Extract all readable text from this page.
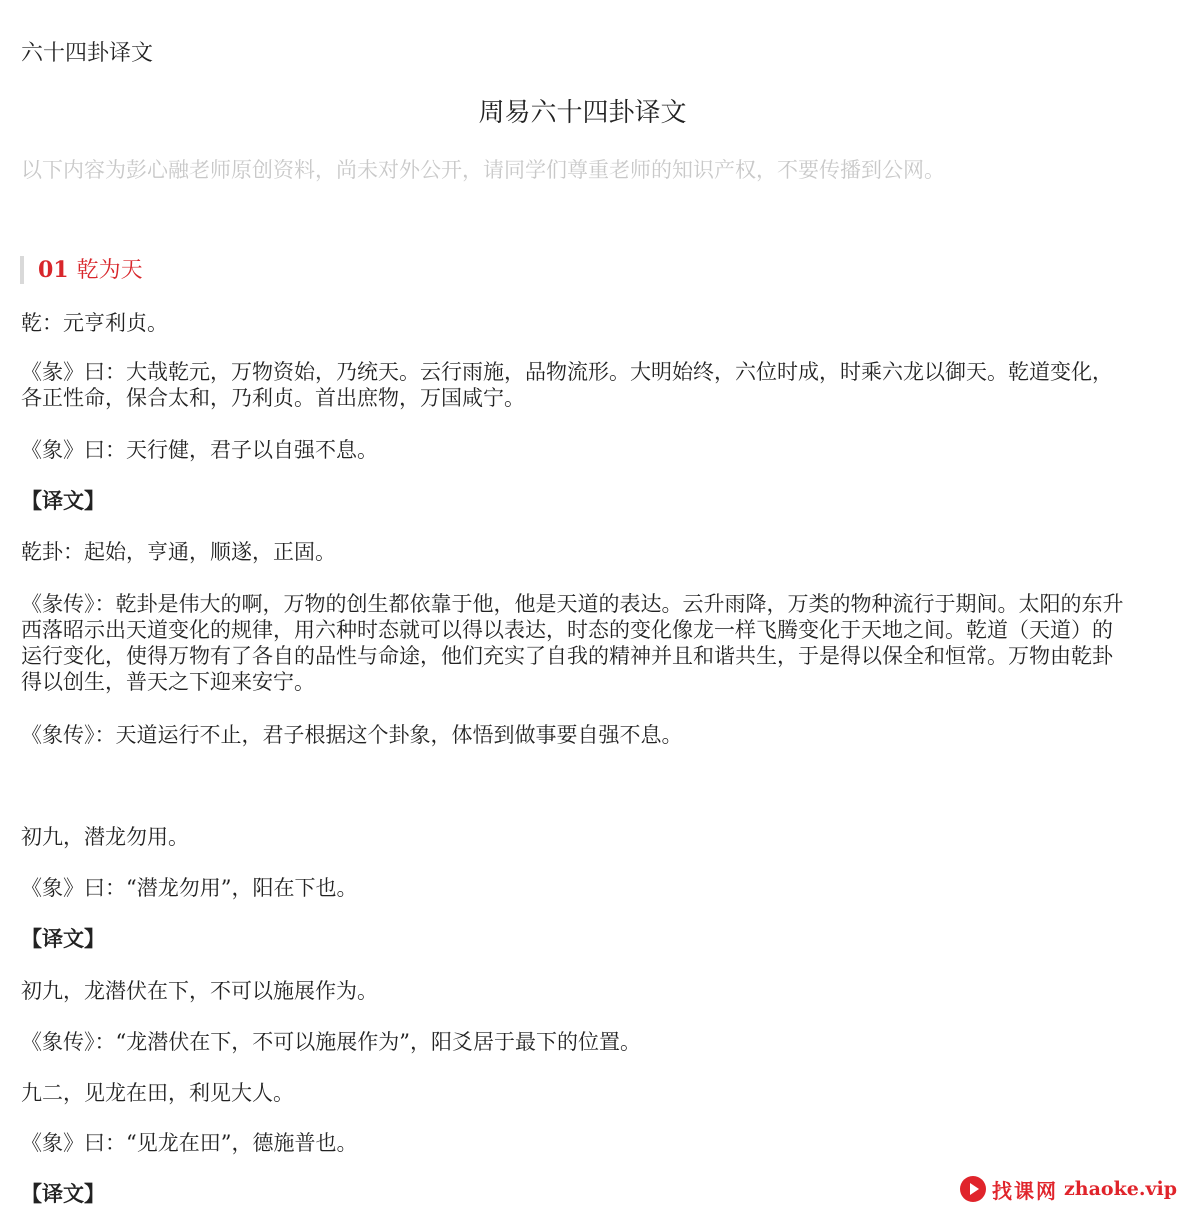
六十四卦译文
周易六十四卦译文
以下内容为彭心融老师原创资料，尚未对外公开，请同学们尊重老师的知识产权，不要传播到公网。
01 乾为天

乾：元亨利贞。

《彖》曰：大哉乾元，万物资始，乃统天。云行雨施，品物流形。大明始终，六位时成，时乘六龙以御天。乾道变化，各正性命，保合太和，乃利贞。首出庶物，万国咸宁。

《象》曰：天行健，君子以自强不息。

【译文】

乾卦：起始，亨通，顺遂，正固。

《彖传》：乾卦是伟大的啊，万物的创生都依靠于他，他是天道的表达。云升雨降，万类的物种流行于期间。太阳的东升西落昭示出天道变化的规律，用六种时态就可以得以表达，时态的变化像龙一样飞腾变化于天地之间。乾道（天道）的运行变化，使得万物有了各自的品性与命途，他们充实了自我的精神并且和谐共生，于是得以保全和恒常。万物由乾卦得以创生，普天之下迎来安宁。

《象传》：天道运行不止，君子根据这个卦象，体悟到做事要自强不息。

初九，潜龙勿用。

《象》曰：“潜龙勿用”，阳在下也。

【译文】

初九，龙潜伏在下，不可以施展作为。

《象传》：“龙潜伏在下，不可以施展作为”，阳爻居于最下的位置。

九二，见龙在田，利见大人。

《象》曰：“见龙在田”，德施普也。

【译文】	找课网 zhaoke.vip
